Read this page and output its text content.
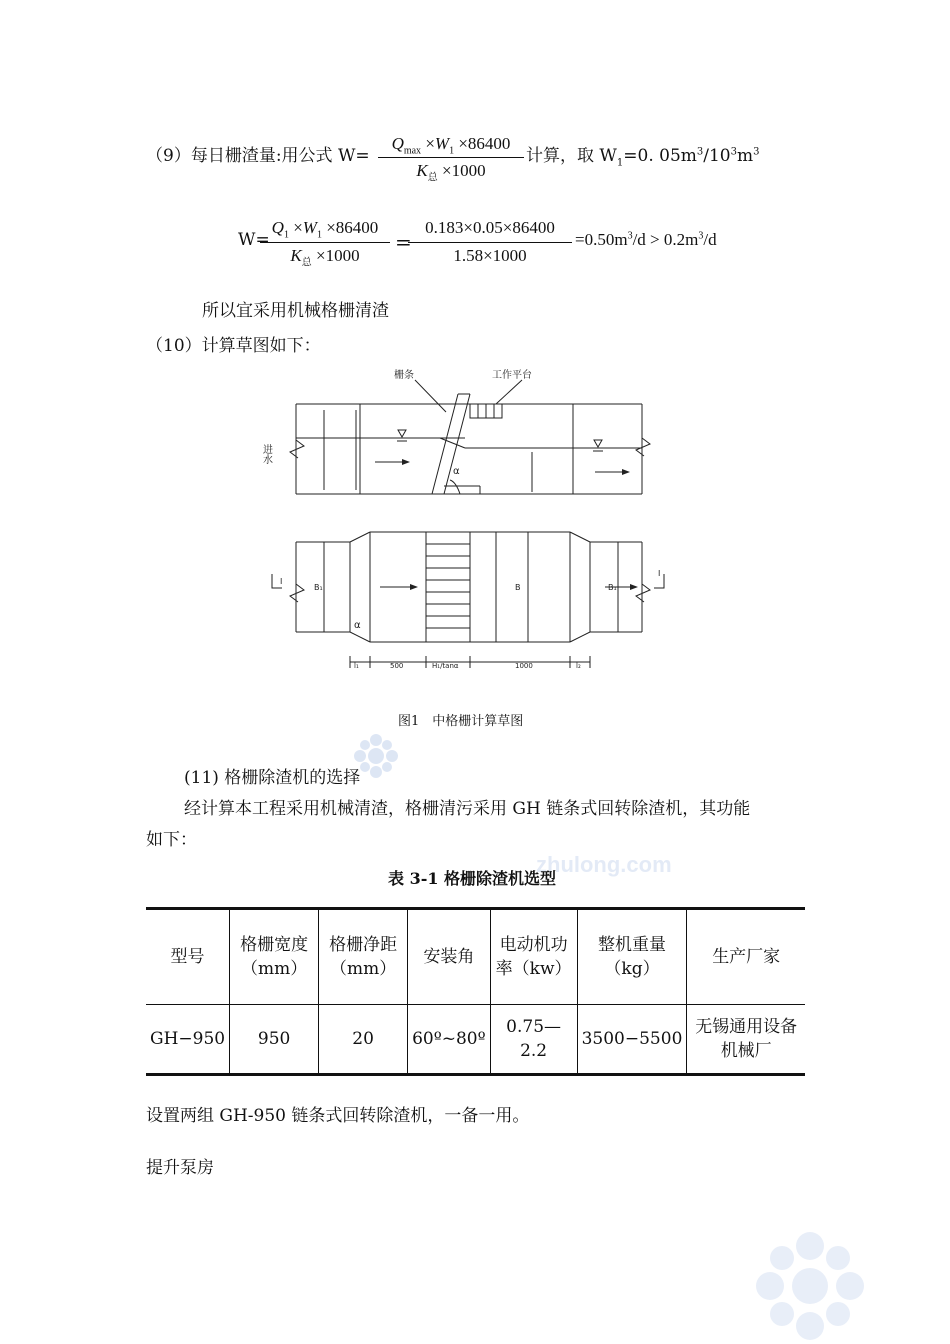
（9）每日栅渣量:用公式 W=
$Q_{max} \times W_1 \times 86400$
$K_总 \times 1000$
计算，取 $W_1=0$. $05m^3/10^3m^3$
W=
$Q_1 \times W_1 \times 86400$
$K_总 \times 1000$
=
0.183×0.05×86400
1.58×1000
$=0.50m^3/d > 0.2m^3/d$
所以宜采用机械格栅清渣
（10）计算草图如下：
栅条	工作平台
进水
α
α
B₁	B	B₁
I
I
l₁	500	H₁/tanα	1000	l₂
图1　中格栅计算草图
(11) 格栅除渣机的选择
经计算本工程采用机械清渣，格栅清污采用 GH 链条式回转除渣机，其功能
如下：
zhulong.com
表 3-1 格栅除渣机选型
型号	格栅宽度（mm）	格栅净距（mm）	安装角	电动机功率（kw）	整机重量（kg）	生产厂家
GH−950	950	20	60º~80º	0.75—2.2	3500−5500	无锡通用设备机械厂
设置两组 GH-950 链条式回转除渣机，一备一用。
提升泵房
